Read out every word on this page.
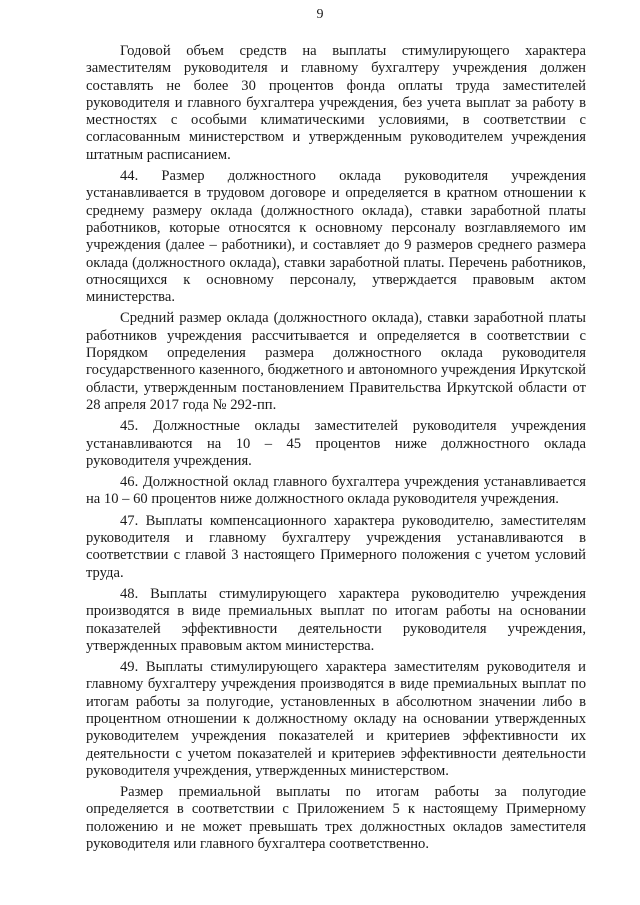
9

Годовой объем средств на выплаты стимулирующего характера заместителям руководителя и главному бухгалтеру учреждения должен составлять не более 30 процентов фонда оплаты труда заместителей руководителя и главного бухгалтера учреждения, без учета выплат за работу в местностях с особыми климатическими условиями, в соответствии с согласованным министерством и утвержденным руководителем учреждения штатным расписанием.

44. Размер должностного оклада руководителя учреждения устанавливается в трудовом договоре и определяется в кратном отношении к среднему размеру оклада (должностного оклада), ставки заработной платы работников, которые относятся к основному персоналу возглавляемого им учреждения (далее – работники), и составляет до 9 размеров среднего размера оклада (должностного оклада), ставки заработной платы. Перечень работников, относящихся к основному персоналу, утверждается правовым актом министерства.

Средний размер оклада (должностного оклада), ставки заработной платы работников учреждения рассчитывается и определяется в соответствии с Порядком определения размера должностного оклада руководителя государственного казенного, бюджетного и автономного учреждения Иркутской области, утвержденным постановлением Правительства Иркутской области от 28 апреля 2017 года № 292-пп.

45. Должностные оклады заместителей руководителя учреждения устанавливаются на 10 – 45 процентов ниже должностного оклада руководителя учреждения.

46. Должностной оклад главного бухгалтера учреждения устанавливается на 10 – 60 процентов ниже должностного оклада руководителя учреждения.

47. Выплаты компенсационного характера руководителю, заместителям руководителя и главному бухгалтеру учреждения устанавливаются в соответствии с главой 3 настоящего Примерного положения с учетом условий труда.

48. Выплаты стимулирующего характера руководителю учреждения производятся в виде премиальных выплат по итогам работы на основании показателей эффективности деятельности руководителя учреждения, утвержденных правовым актом министерства.

49. Выплаты стимулирующего характера заместителям руководителя и главному бухгалтеру учреждения производятся в виде премиальных выплат по итогам работы за полугодие, установленных в абсолютном значении либо в процентном отношении к должностному окладу на основании утвержденных руководителем учреждения показателей и критериев эффективности их деятельности с учетом показателей и критериев эффективности деятельности руководителя учреждения, утвержденных министерством.

Размер премиальной выплаты по итогам работы за полугодие определяется в соответствии с Приложением 5 к настоящему Примерному положению и не может превышать трех должностных окладов заместителя руководителя или главного бухгалтера соответственно.
